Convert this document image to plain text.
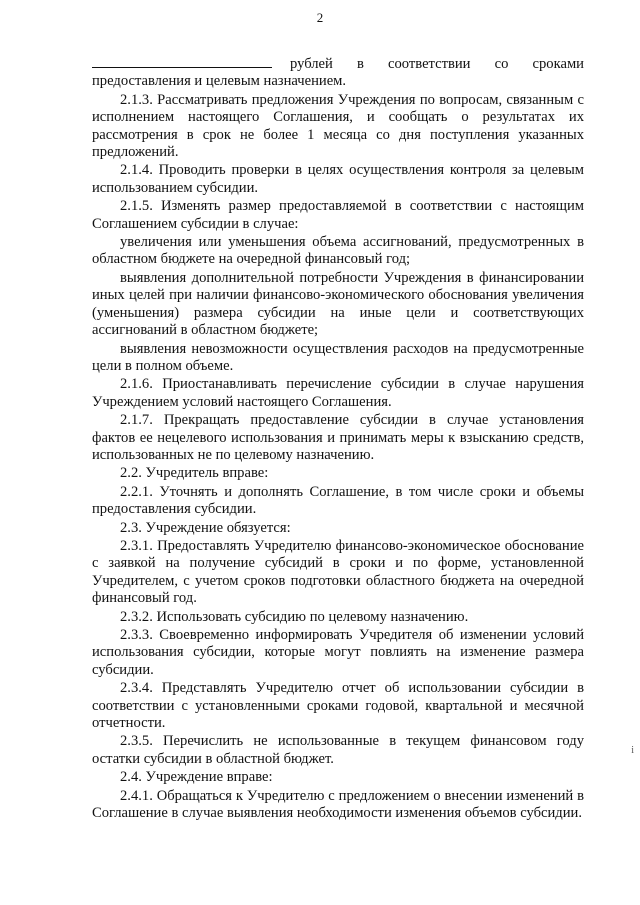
2

рублей в соответствии со сроками предоставления и целевым назначением.

2.1.3. Рассматривать предложения Учреждения по вопросам, связанным с исполнением настоящего Соглашения, и сообщать о результатах их рассмотрения в срок не более 1 месяца со дня поступления указанных предложений.

2.1.4. Проводить проверки в целях осуществления контроля за целевым использованием субсидии.

2.1.5. Изменять размер предоставляемой в соответствии с настоящим Соглашением субсидии в случае:

увеличения или уменьшения объема ассигнований, предусмотренных в областном бюджете на очередной финансовый год;

выявления дополнительной потребности Учреждения в финансировании иных целей при наличии финансово-экономического обоснования увеличения (уменьшения) размера субсидии на иные цели и соответствующих ассигнований в областном бюджете;

выявления невозможности осуществления расходов на предусмотренные цели в полном объеме.

2.1.6. Приостанавливать перечисление субсидии в случае нарушения Учреждением условий настоящего Соглашения.

2.1.7. Прекращать предоставление субсидии в случае установления фактов ее нецелевого использования и принимать меры к взысканию средств, использованных не по целевому назначению.

2.2. Учредитель вправе:

2.2.1. Уточнять и дополнять Соглашение, в том числе сроки и объемы предоставления субсидии.

2.3. Учреждение обязуется:

2.3.1. Предоставлять Учредителю финансово-экономическое обоснование с заявкой на получение субсидий в сроки и по форме, установленной Учредителем, с учетом сроков подготовки областного бюджета на очередной финансовый год.

2.3.2. Использовать субсидию по целевому назначению.

2.3.3. Своевременно информировать Учредителя об изменении условий использования субсидии, которые могут повлиять на изменение размера субсидии.

2.3.4. Представлять Учредителю отчет об использовании субсидии в соответствии с установленными сроками годовой, квартальной и месячной отчетности.

2.3.5. Перечислить не использованные в текущем финансовом году остатки субсидии в областной бюджет.

2.4. Учреждение вправе:

2.4.1. Обращаться к Учредителю с предложением о внесении изменений в Соглашение в случае выявления необходимости изменения объемов субсидии.

i
